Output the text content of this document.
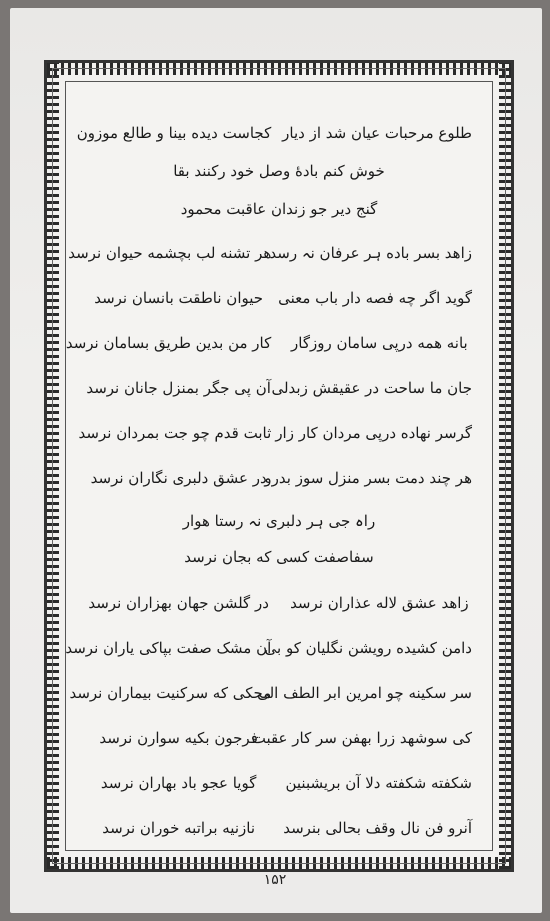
طلوع مرحبات عیان شد از دیار
کجاست دیده بینا و طالع موزون
خوش کنم بادهٔ وصل خود رکنند بقا
گنج دیر جو زندان عاقبت محمود
زاهد بسر باده ہر عرفان نہ رسد
هر تشنه لب بچشمه حیوان نرسد
گوید اگر چه فصه دار باب معنی
حیوان ناطقت بانسان نرسد
بانه همه درپی سامان روزگار
کار من بدین طریق بسامان نرسد
جان ما ساحت در عقیقش زبدلی
آن پی جگر بمنزل جانان نرسد
گرسر نهاده درپی مردان کار زار
ثابت قدم چو جت بمردان نرسد
هر چند دمت بسر منزل سوز بدرو
در عشق دلبری نگاران نرسد
راہ جی ہر دلبری نہ رستا هوار
سفاصفت کسی که بجان نرسد
زاهد عشق لاله عذاران نرسد
در گلشن جهان بهزاران نرسد
دامن کشیده رویشن نگلیان کو بی
آن مشک صفت بپاکی یاران نرسد
سر سکینه چو امرین ابر الطف الی
محکی که سرکنیت بیماران نرسد
کی سوشهد زرا بهفن سر کار عقبت
فرجون بکیه سوارن نرسد
شکفته شکفته دلا آن بریشبنین
گویا عجو باد بهاران نرسد
آنرو فن نال وقف بحالی بنرسد
نازنیه براتبه خوران نرسد
۱۵۲
